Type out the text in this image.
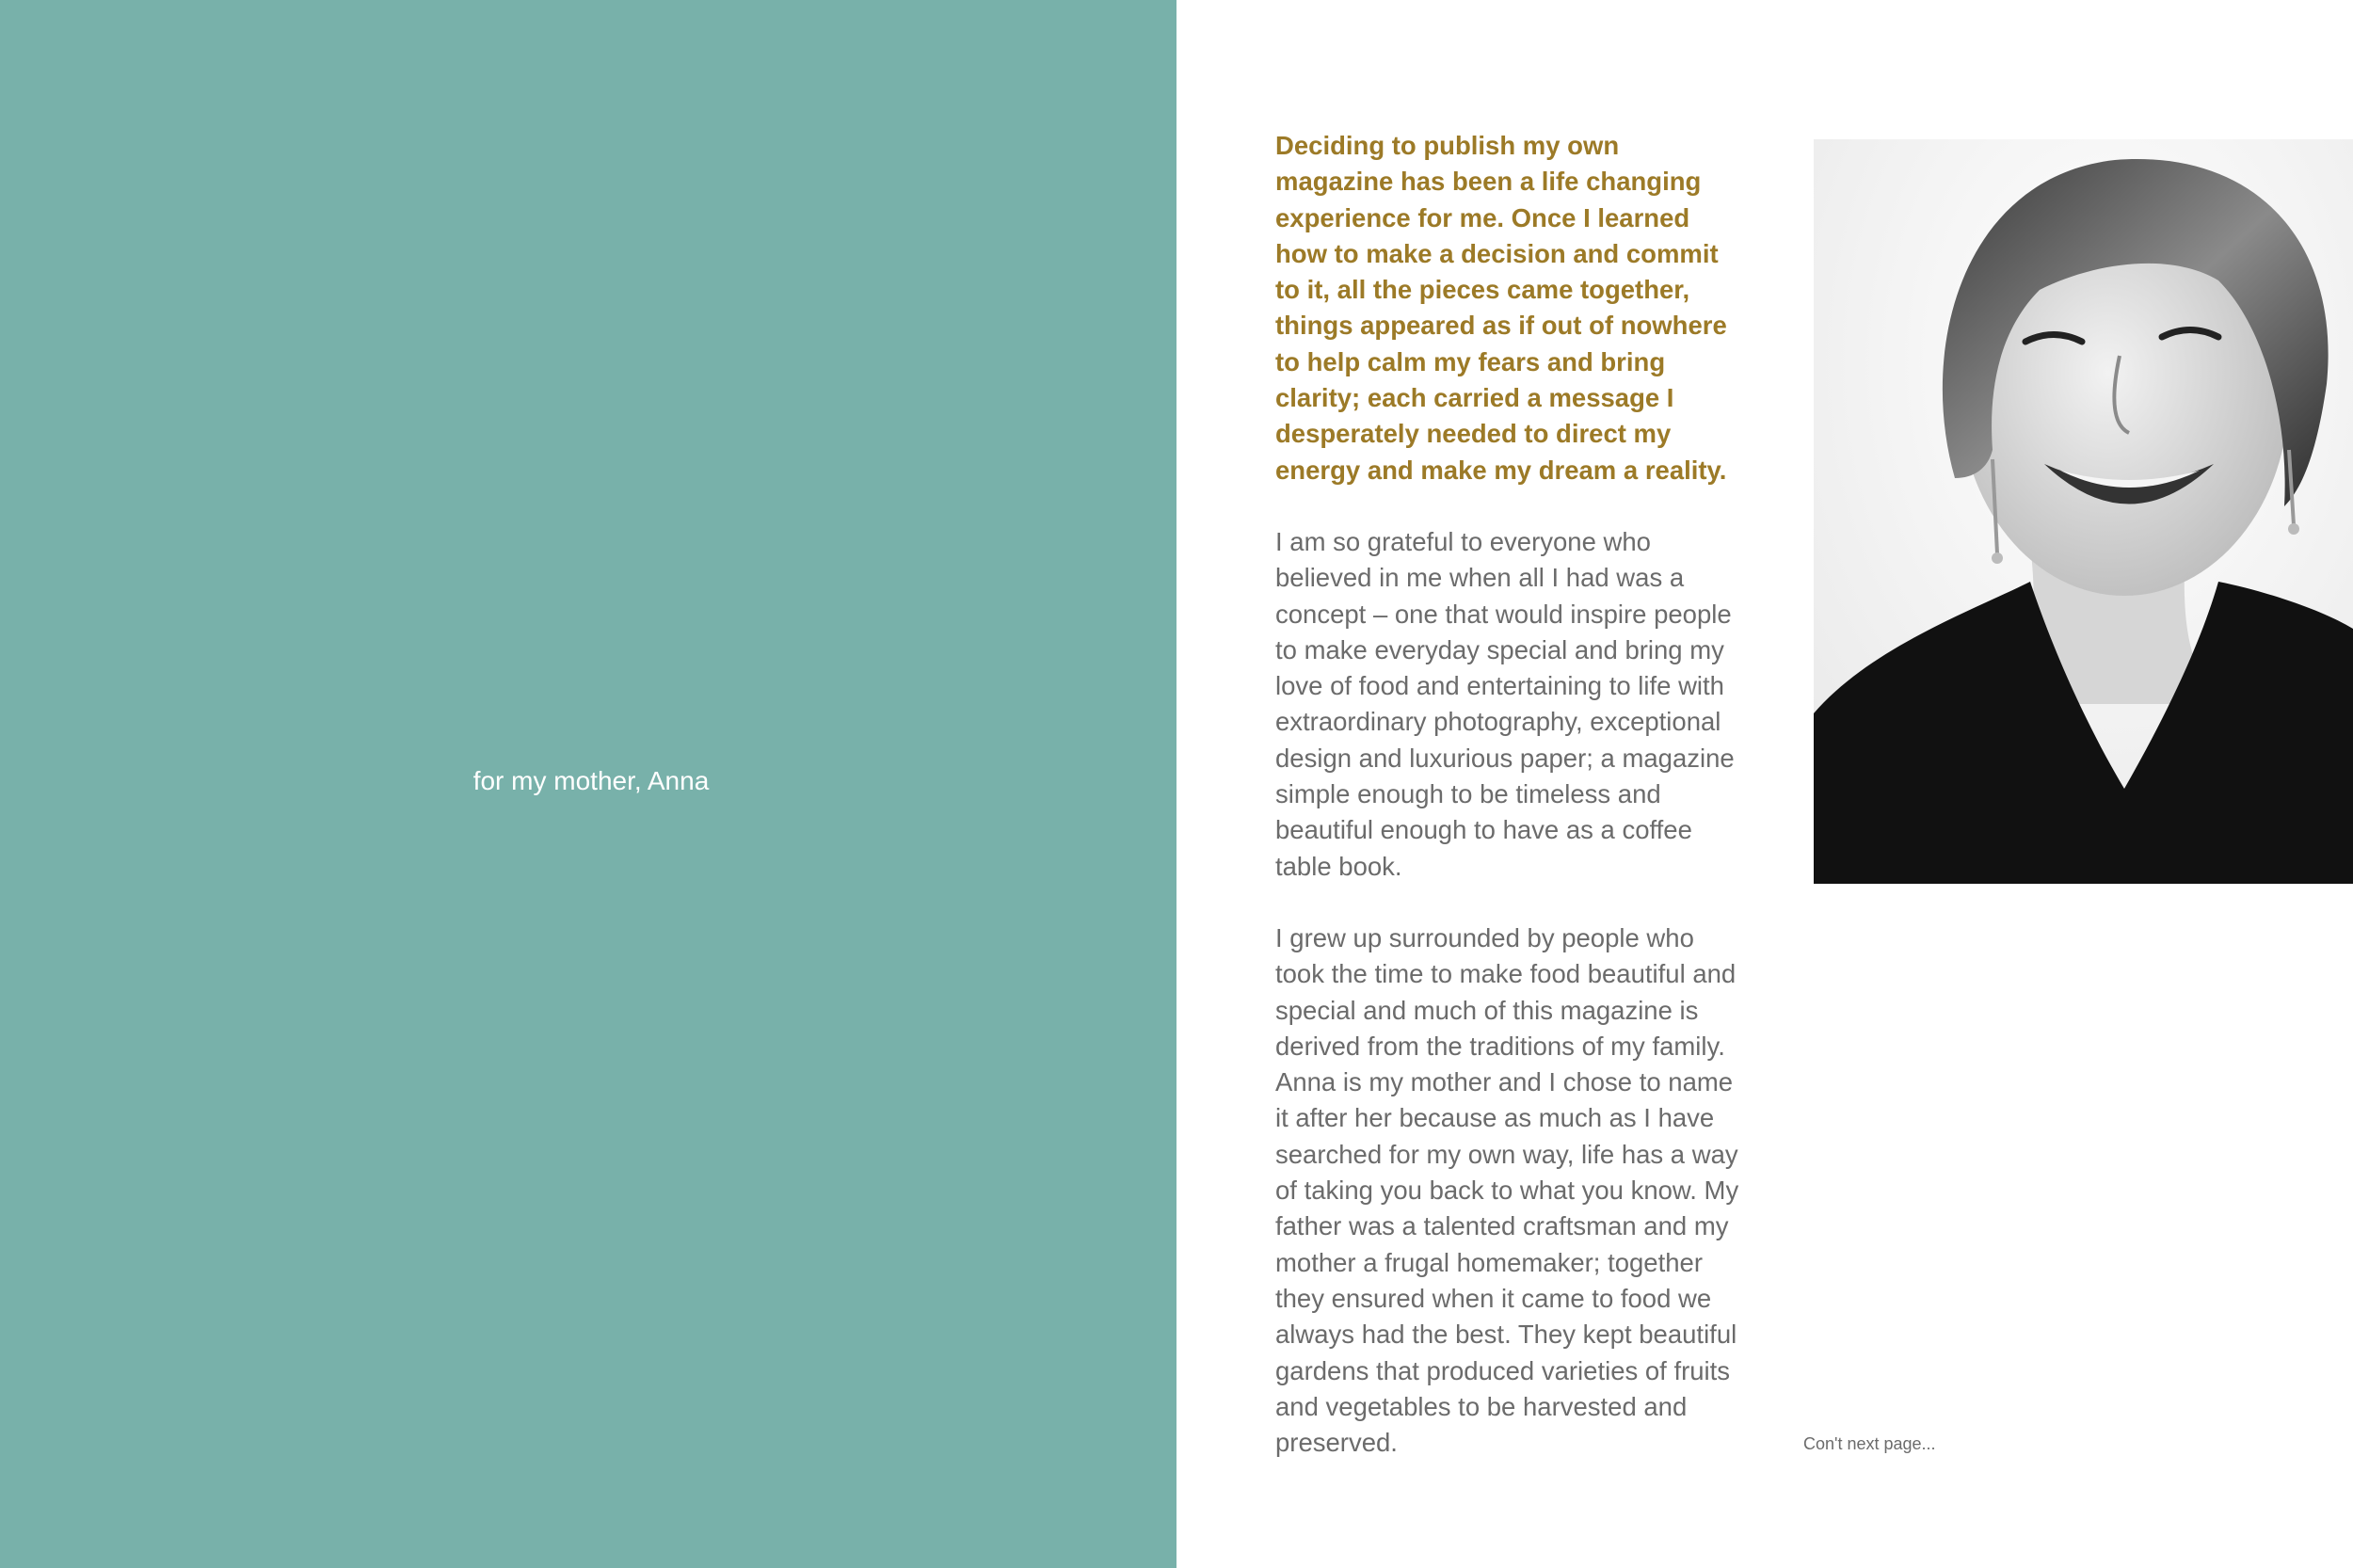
for my mother, Anna

Deciding to publish my own
magazine has been a life changing
experience for me. Once I learned
how to make a decision and commit
to it, all the pieces came together,
things appeared as if out of nowhere
to help calm my fears and bring
clarity; each carried a message I
desperately needed to direct my
energy and make my dream a reality.

I am so grateful to everyone who
believed in me when all I had was a
concept – one that would inspire people
to make everyday special and bring my
love of food and entertaining to life with
extraordinary photography, exceptional
design and luxurious paper; a magazine
simple enough to be timeless and
beautiful enough to have as a coffee
table book.

I grew up surrounded by people who
took the time to make food beautiful and
special and much of this magazine is
derived from the traditions of my family.
Anna is my mother and I chose to name
it after her because as much as I have
searched for my own way, life has a way
of taking you back to what you know. My
father was a talented craftsman and my
mother a frugal homemaker; together
they ensured when it came to food we
always had the best. They kept beautiful
gardens that produced varieties of fruits
and vegetables to be harvested and
preserved.	Con't next page...
